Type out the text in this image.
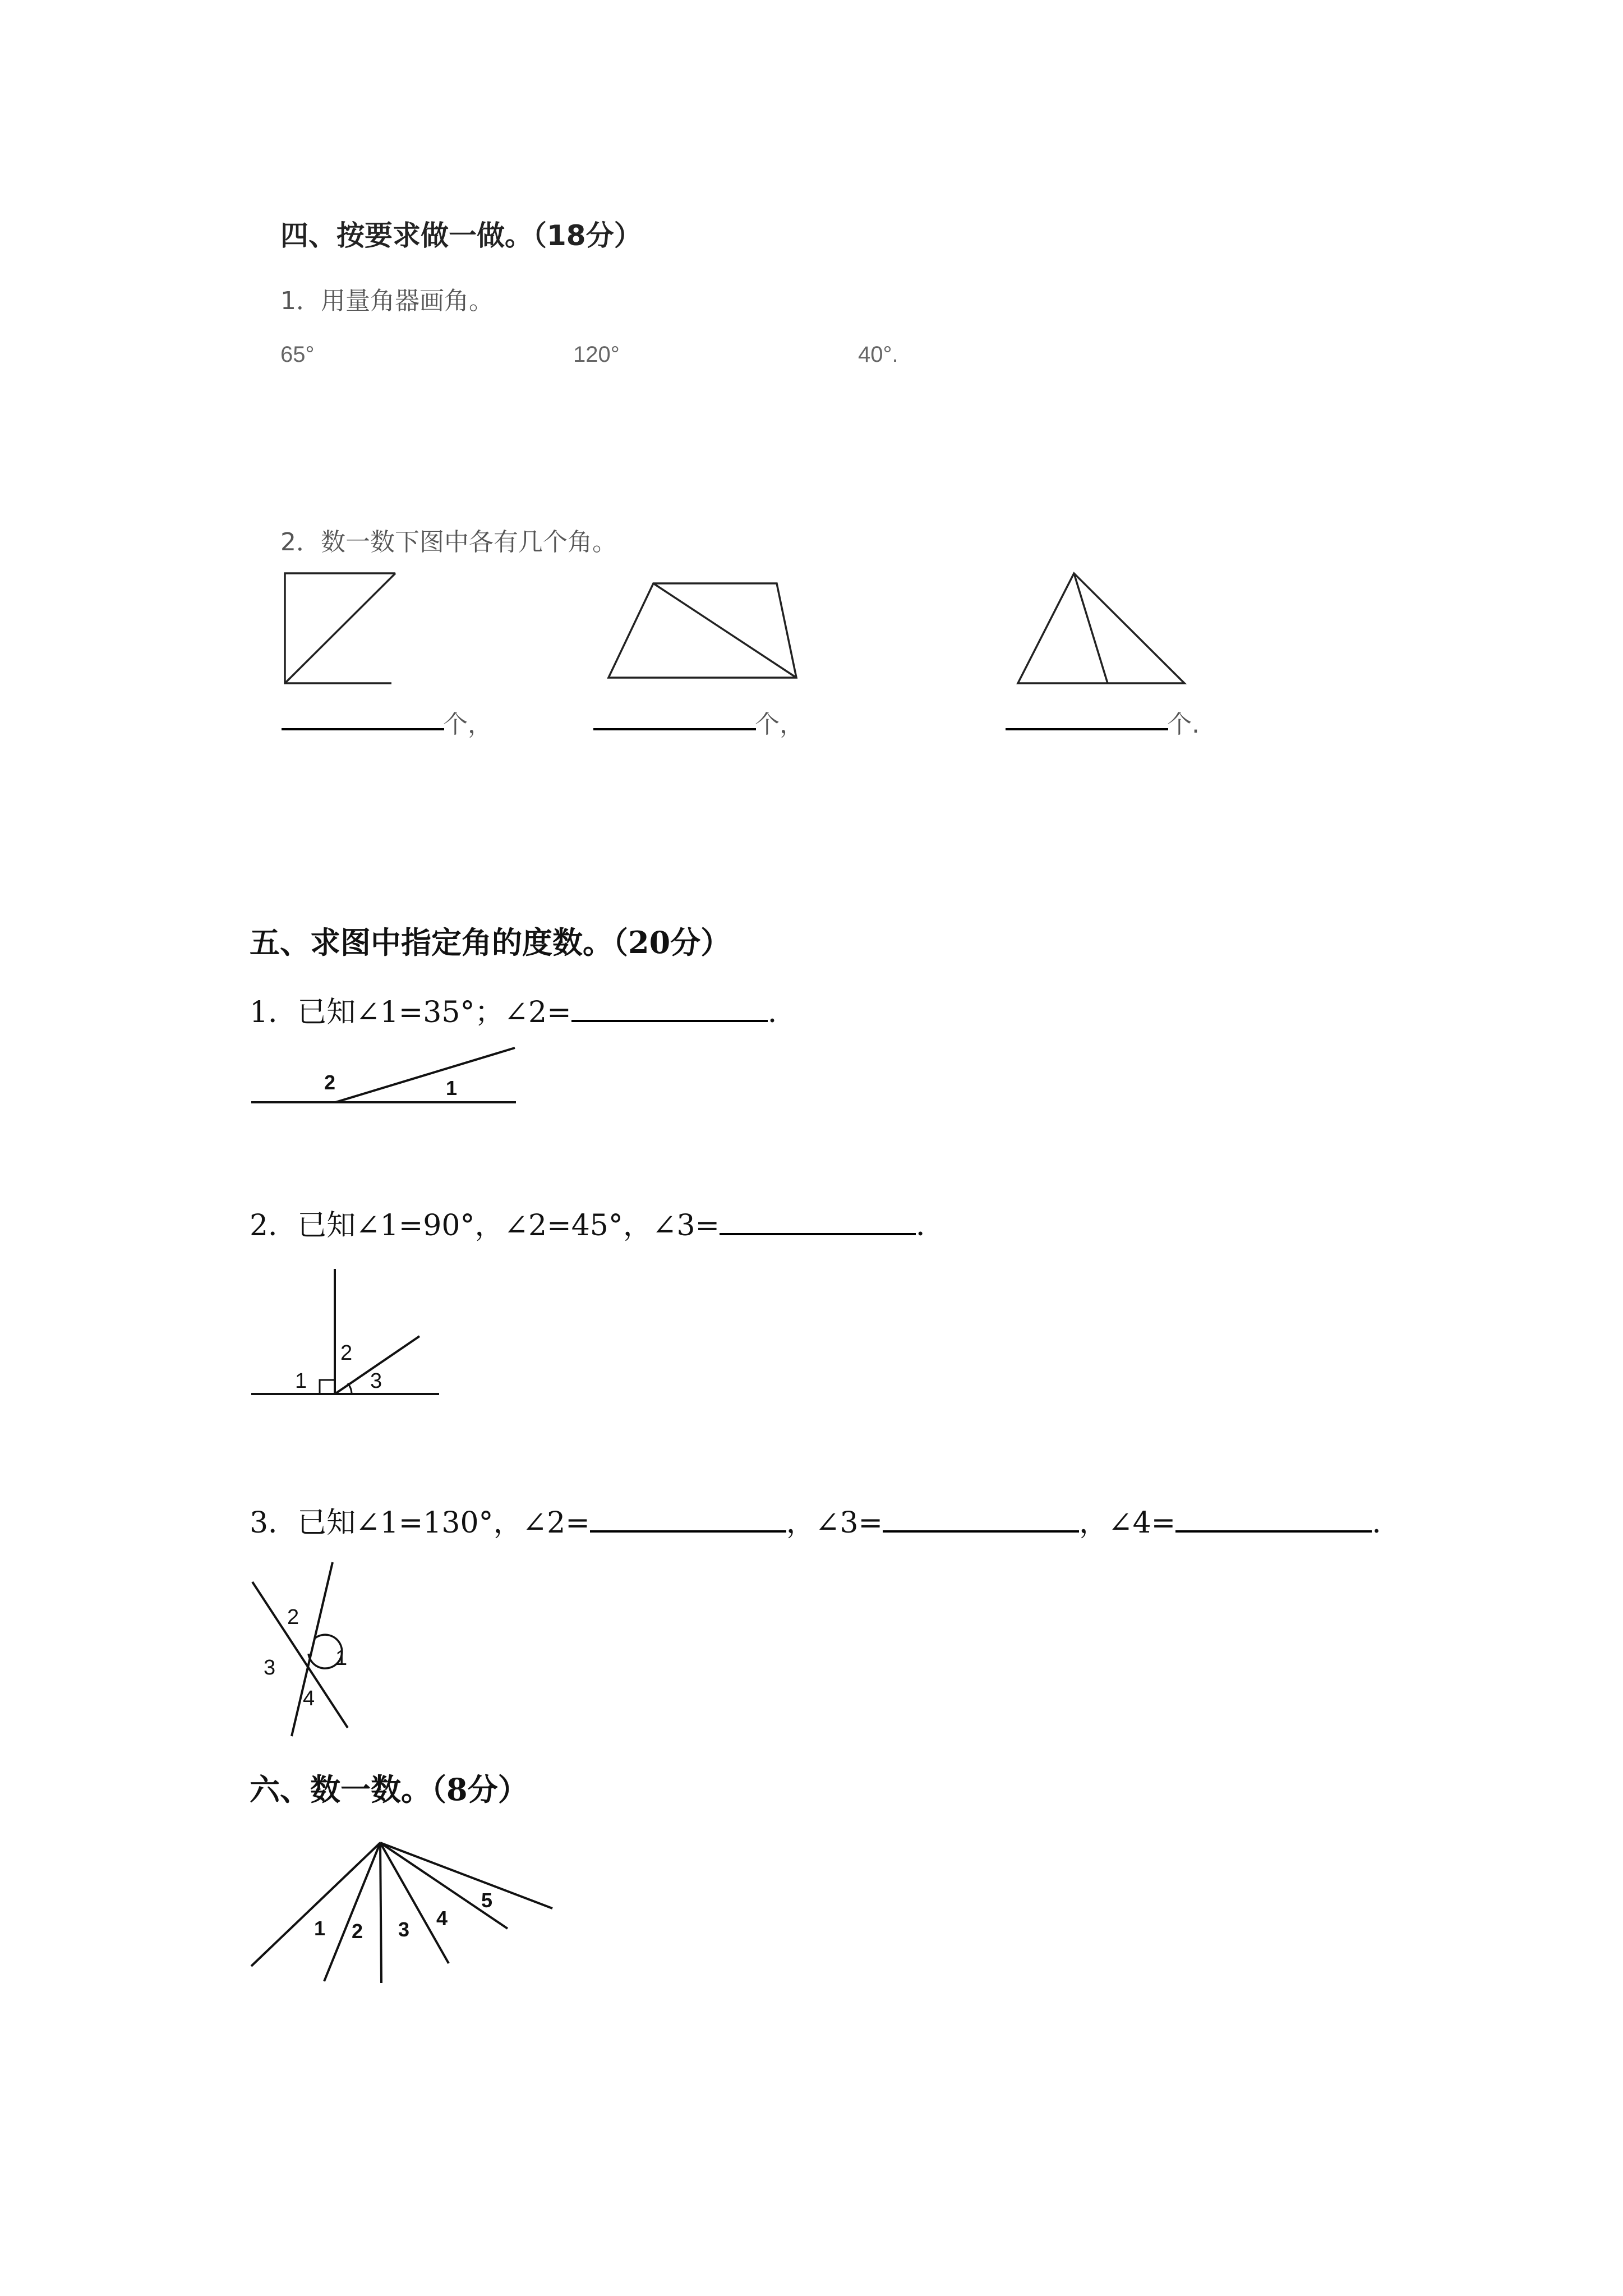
四、按要求做一做。（18分）
1．用量角器画角。
65°	120°	40°.
2．数一数下图中各有几个角。
2	1
1
2
3
2
1
3
4
1 2 3 4
5
个，	个，	个.
五、求图中指定角的度数。（20分）
1．已知∠1=35°；∠2=	.
2．已知∠1=90°，∠2=45°，∠3=	．
3．已知∠1=130°，∠2=	，∠3=	，∠4=	.
六、数一数。（8分）
